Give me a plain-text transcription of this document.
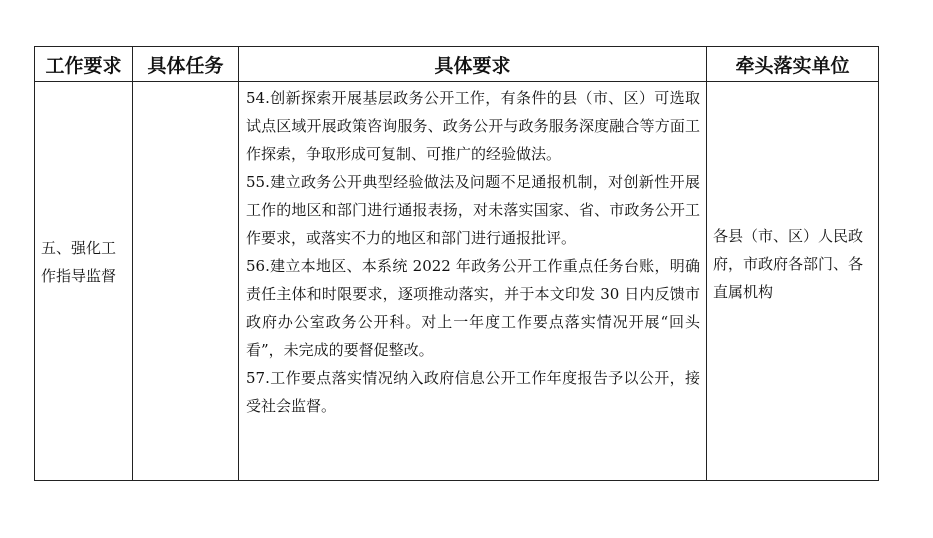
工作要求	具体任务	具体要求	牵头落实单位

五、强化工作指导监督		54.创新探索开展基层政务公开工作，有条件的县（市、区）可选取试点区域开展政策咨询服务、政务公开与政务服务深度融合等方面工作探索，争取形成可复制、可推广的经验做法。
55.建立政务公开典型经验做法及问题不足通报机制，对创新性开展工作的地区和部门进行通报表扬，对未落实国家、省、市政务公开工作要求，或落实不力的地区和部门进行通报批评。
56.建立本地区、本系统 2022 年政务公开工作重点任务台账，明确责任主体和时限要求，逐项推动落实，并于本文印发 30 日内反馈市政府办公室政务公开科。对上一年度工作要点落实情况开展“回头看”，未完成的要督促整改。
57.工作要点落实情况纳入政府信息公开工作年度报告予以公开，接受社会监督。	各县（市、区）人民政府，市政府各部门、各直属机构
